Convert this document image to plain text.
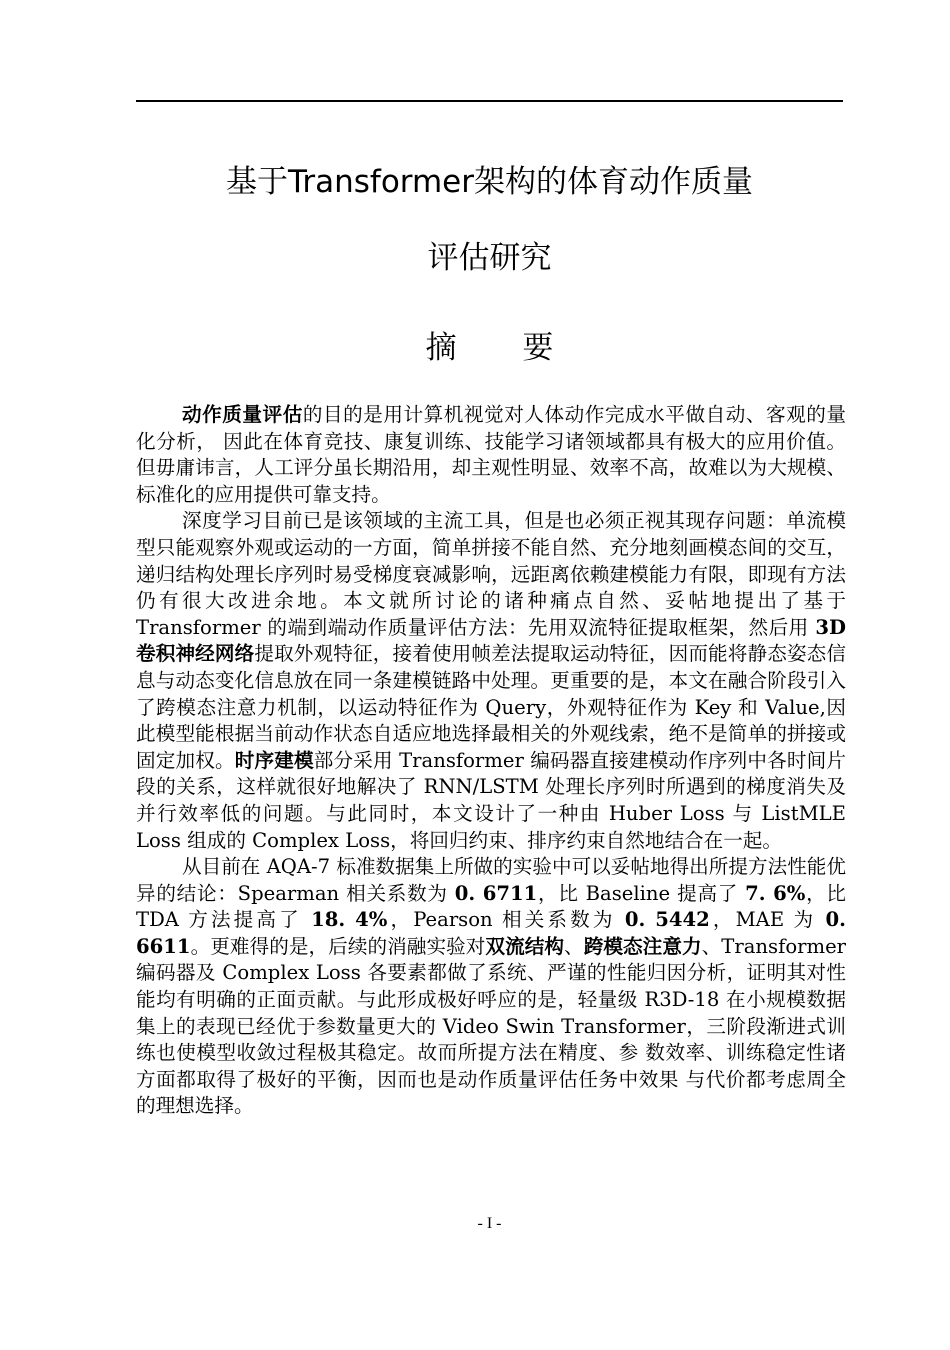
基于Transformer架构的体育动作质量
评估研究
摘 要

动作质量评估的目的是用计算机视觉对人体动作完成水平做自动、客观的量化分析， 因此在体育竞技、康复训练、技能学习诸领域都具有极大的应用价值。但毋庸讳言，人工评分虽长期沿用，却主观性明显、效率不高，故难以为大规模、标准化的应用提供可靠支持。

深度学习目前已是该领域的主流工具，但是也必须正视其现存问题：单流模型只能观察外观或运动的一方面，简单拼接不能自然、充分地刻画模态间的交互，递归结构处理长序列时易受梯度衰减影响，远距离依赖建模能力有限，即现有方法仍有很大改进余地。本文就所讨论的诸种痛点自然、妥帖地提出了基于 Transformer 的端到端动作质量评估方法：先用双流特征提取框架，然后用 3D 卷积神经网络提取外观特征，接着使用帧差法提取运动特征，因而能将静态姿态信息与动态变化信息放在同一条建模链路中处理。更重要的是，本文在融合阶段引入了跨模态注意力机制，以运动特征作为 Query，外观特征作为 Key 和 Value,因此模型能根据当前动作状态自适应地选择最相关的外观线索，绝不是简单的拼接或固定加权。时序建模部分采用 Transformer 编码器直接建模动作序列中各时间片段的关系，这样就很好地解决了 RNN/LSTM 处理长序列时所遇到的梯度消失及并行效率低的问题。与此同时，本文设计了一种由 Huber Loss 与 ListMLE Loss 组成的 Complex Loss，将回归约束、排序约束自然地结合在一起。

从目前在 AQA-7 标准数据集上所做的实验中可以妥帖地得出所提方法性能优异的结论：Spearman 相关系数为 0. 6711，比 Baseline 提高了 7. 6%，比 TDA 方法提高了 18. 4%，Pearson 相关系数为 0. 5442，MAE 为 0. 6611。更难得的是，后续的消融实验对双流结构、跨模态注意力、Transformer 编码器及 Complex Loss 各要素都做了系统、严谨的性能归因分析，证明其对性能均有明确的正面贡献。与此形成极好呼应的是，轻量级 R3D-18 在小规模数据集上的表现已经优于参数量更大的 Video Swin Transformer，三阶段渐进式训练也使模型收敛过程极其稳定。故而所提方法在精度、参 数效率、训练稳定性诸方面都取得了极好的平衡，因而也是动作质量评估任务中效果 与代价都考虑周全的理想选择。

- I -
